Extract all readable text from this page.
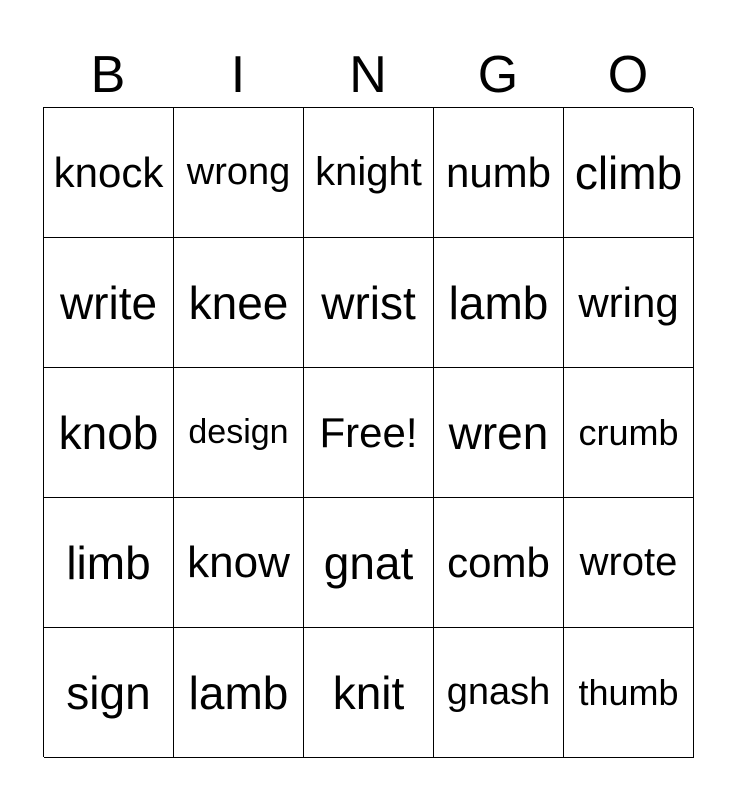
B	I	N	G	O
knock wrong knight numb climb
write knee wrist lamb wring
knob design Free! wren crumb
limb know gnat comb wrote
sign lamb knit gnash thumb
